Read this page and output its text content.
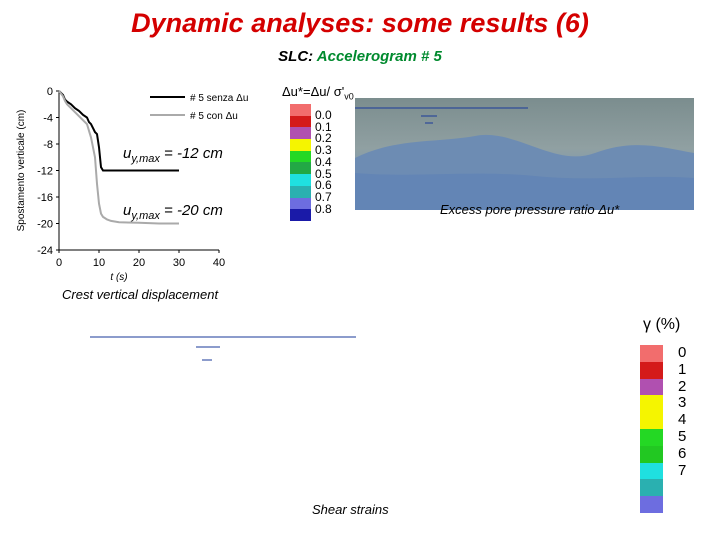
Dynamic analyses: some results (6)
SLC: Accelerogram # 5
0
-4
-8
-12
-16
-20
-24
0	10	20	30	40
t (s)
Spostamento verticale (cm)
# 5 senza Δu
# 5 con Δu
$u_{y,max} = -12$ cm
$u_{y,max} = -20$ cm
Crest vertical displacement
Δu*=Δu/ $\sigma'_{v0}$
0.0
0.1
0.2
0.3
0.4
0.5
0.6
0.7
0.8	Excess pore pressure ratio Δu*
γ (%)
0
1
2
3
4
5
6
7
Shear strains
